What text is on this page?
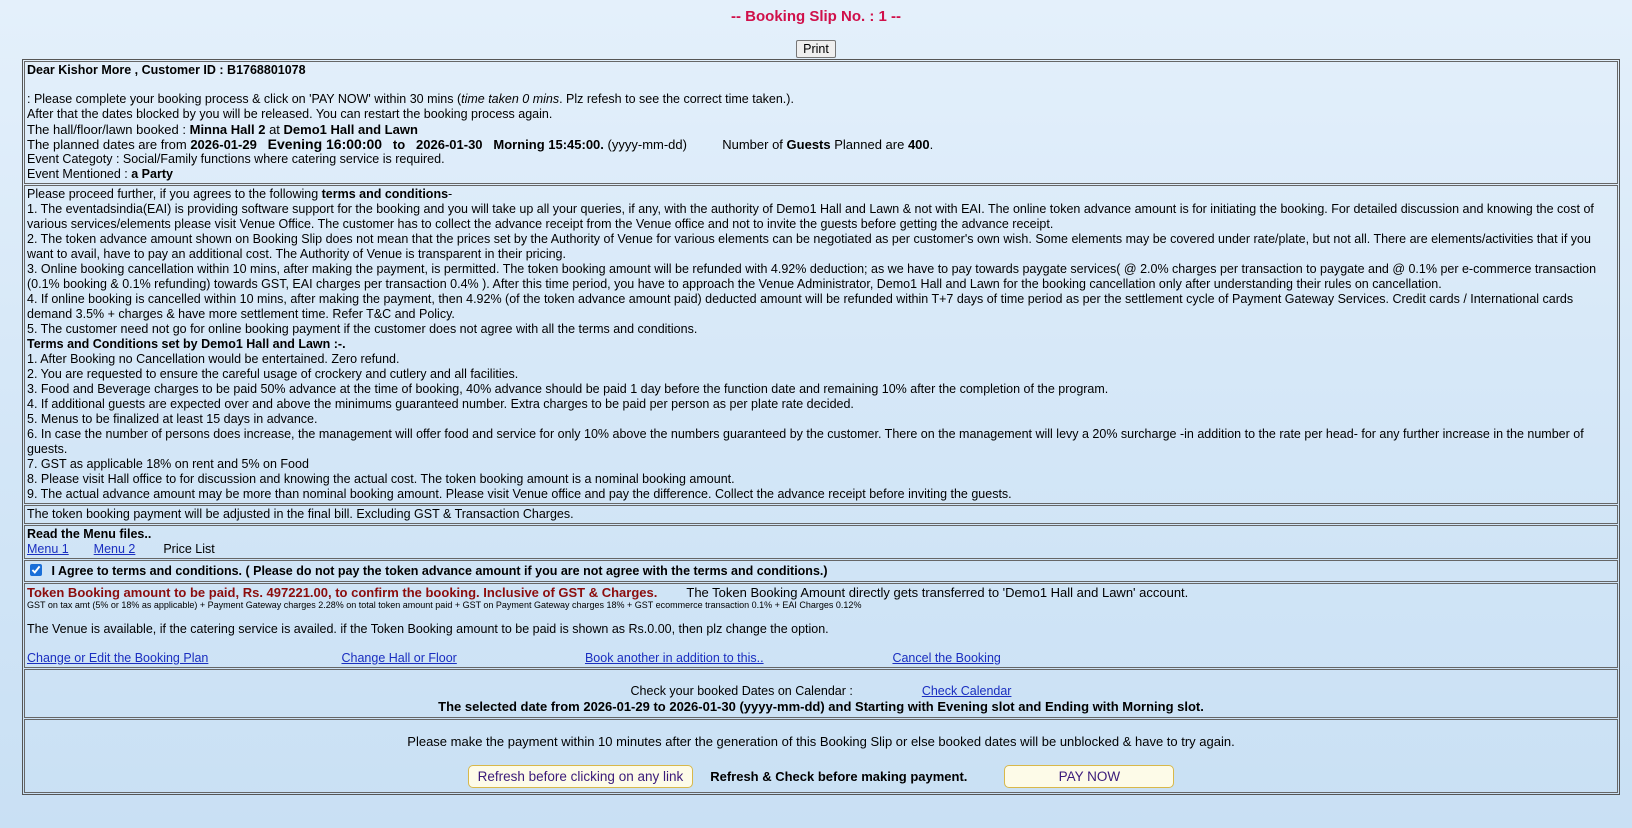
-- Booking Slip No. : 1 --
Print
Dear Kishor More , Customer ID : B1768801078
: Please complete your booking process & click on 'PAY NOW' within 30 mins (time taken 0 mins. Plz refesh to see the correct time taken.).
After that the dates blocked by you will be released. You can restart the booking process again.
The hall/floor/lawn booked : Minna Hall 2 at Demo1 Hall and Lawn
The planned dates are from 2026-01-29 Evening 16:00:00 to 2026-01-30 Morning 15:45:00. (yyyy-mm-dd)	Number of Guests Planned are 400.
Event Categoty : Social/Family functions where catering service is required.
Event Mentioned : a Party
Please proceed further, if you agrees to the following terms and conditions-
1. The eventadsindia(EAI) is providing software support for the booking and you will take up all your queries, if any, with the authority of Demo1 Hall and Lawn & not with EAI. The online token advance amount is for initiating the booking. For detailed discussion and knowing the cost of various services/elements please visit Venue Office. The customer has to collect the advance receipt from the Venue office and not to invite the guests before getting the advance receipt.
2. The token advance amount shown on Booking Slip does not mean that the prices set by the Authority of Venue for various elements can be negotiated as per customer's own wish. Some elements may be covered under rate/plate, but not all. There are elements/activities that if you want to avail, have to pay an additional cost. The Authority of Venue is transparent in their pricing.
3. Online booking cancellation within 10 mins, after making the payment, is permitted. The token booking amount will be refunded with 4.92% deduction; as we have to pay towards paygate services( @ 2.0% charges per transaction to paygate and @ 0.1% per e-commerce transaction (0.1% booking & 0.1% refunding) towards GST, EAI charges per transaction 0.4% ). After this time period, you have to approach the Venue Administrator, Demo1 Hall and Lawn for the booking cancellation only after understanding their rules on cancellation.
4. If online booking is cancelled within 10 mins, after making the payment, then 4.92% (of the token advance amount paid) deducted amount will be refunded within T+7 days of time period as per the settlement cycle of Payment Gateway Services. Credit cards / International cards demand 3.5% + charges & have more settlement time. Refer T&C and Policy.
5. The customer need not go for online booking payment if the customer does not agree with all the terms and conditions.
Terms and Conditions set by Demo1 Hall and Lawn :-.
1. After Booking no Cancellation would be entertained. Zero refund.
2. You are requested to ensure the careful usage of crockery and cutlery and all facilities.
3. Food and Beverage charges to be paid 50% advance at the time of booking, 40% advance should be paid 1 day before the function date and remaining 10% after the completion of the program.
4. If additional guests are expected over and above the minimums guaranteed number. Extra charges to be paid per person as per plate rate decided.
5. Menus to be finalized at least 15 days in advance.
6. In case the number of persons does increase, the management will offer food and service for only 10% above the numbers guaranteed by the customer. There on the management will levy a 20% surcharge -in addition to the rate per head- for any further increase in the number of guests.
7. GST as applicable 18% on rent and 5% on Food
8. Please visit Hall office to for discussion and knowing the actual cost. The token booking amount is a nominal booking amount.
9. The actual advance amount may be more than nominal booking amount. Please visit Venue office and pay the difference. Collect the advance receipt before inviting the guests.
The token booking payment will be adjusted in the final bill. Excluding GST & Transaction Charges.
Read the Menu files..
Menu 1 Menu 2 Price List
I Agree to terms and conditions. ( Please do not pay the token advance amount if you are not agree with the terms and conditions.)
Token Booking amount to be paid, Rs. 497221.00, to confirm the booking. Inclusive of GST & Charges. The Token Booking Amount directly gets transferred to 'Demo1 Hall and Lawn' account.
GST on tax amt (5% or 18% as applicable) + Payment Gateway charges 2.28% on total token amount paid + GST on Payment Gateway charges 18% + GST ecommerce transaction 0.1% + EAI Charges 0.12%
The Venue is available, if the catering service is availed. if the Token Booking amount to be paid is shown as Rs.0.00, then plz change the option.
Change or Edit the Booking Plan	Change Hall or Floor	Book another in addition to this..	Cancel the Booking
Check your booked Dates on Calendar :	Check Calendar
The selected date from 2026-01-29 to 2026-01-30 (yyyy-mm-dd) and Starting with Evening slot and Ending with Morning slot.
Please make the payment within 10 minutes after the generation of this Booking Slip or else booked dates will be unblocked & have to try again.
Refresh before clicking on any link Refresh & Check before making payment.	PAY NOW
